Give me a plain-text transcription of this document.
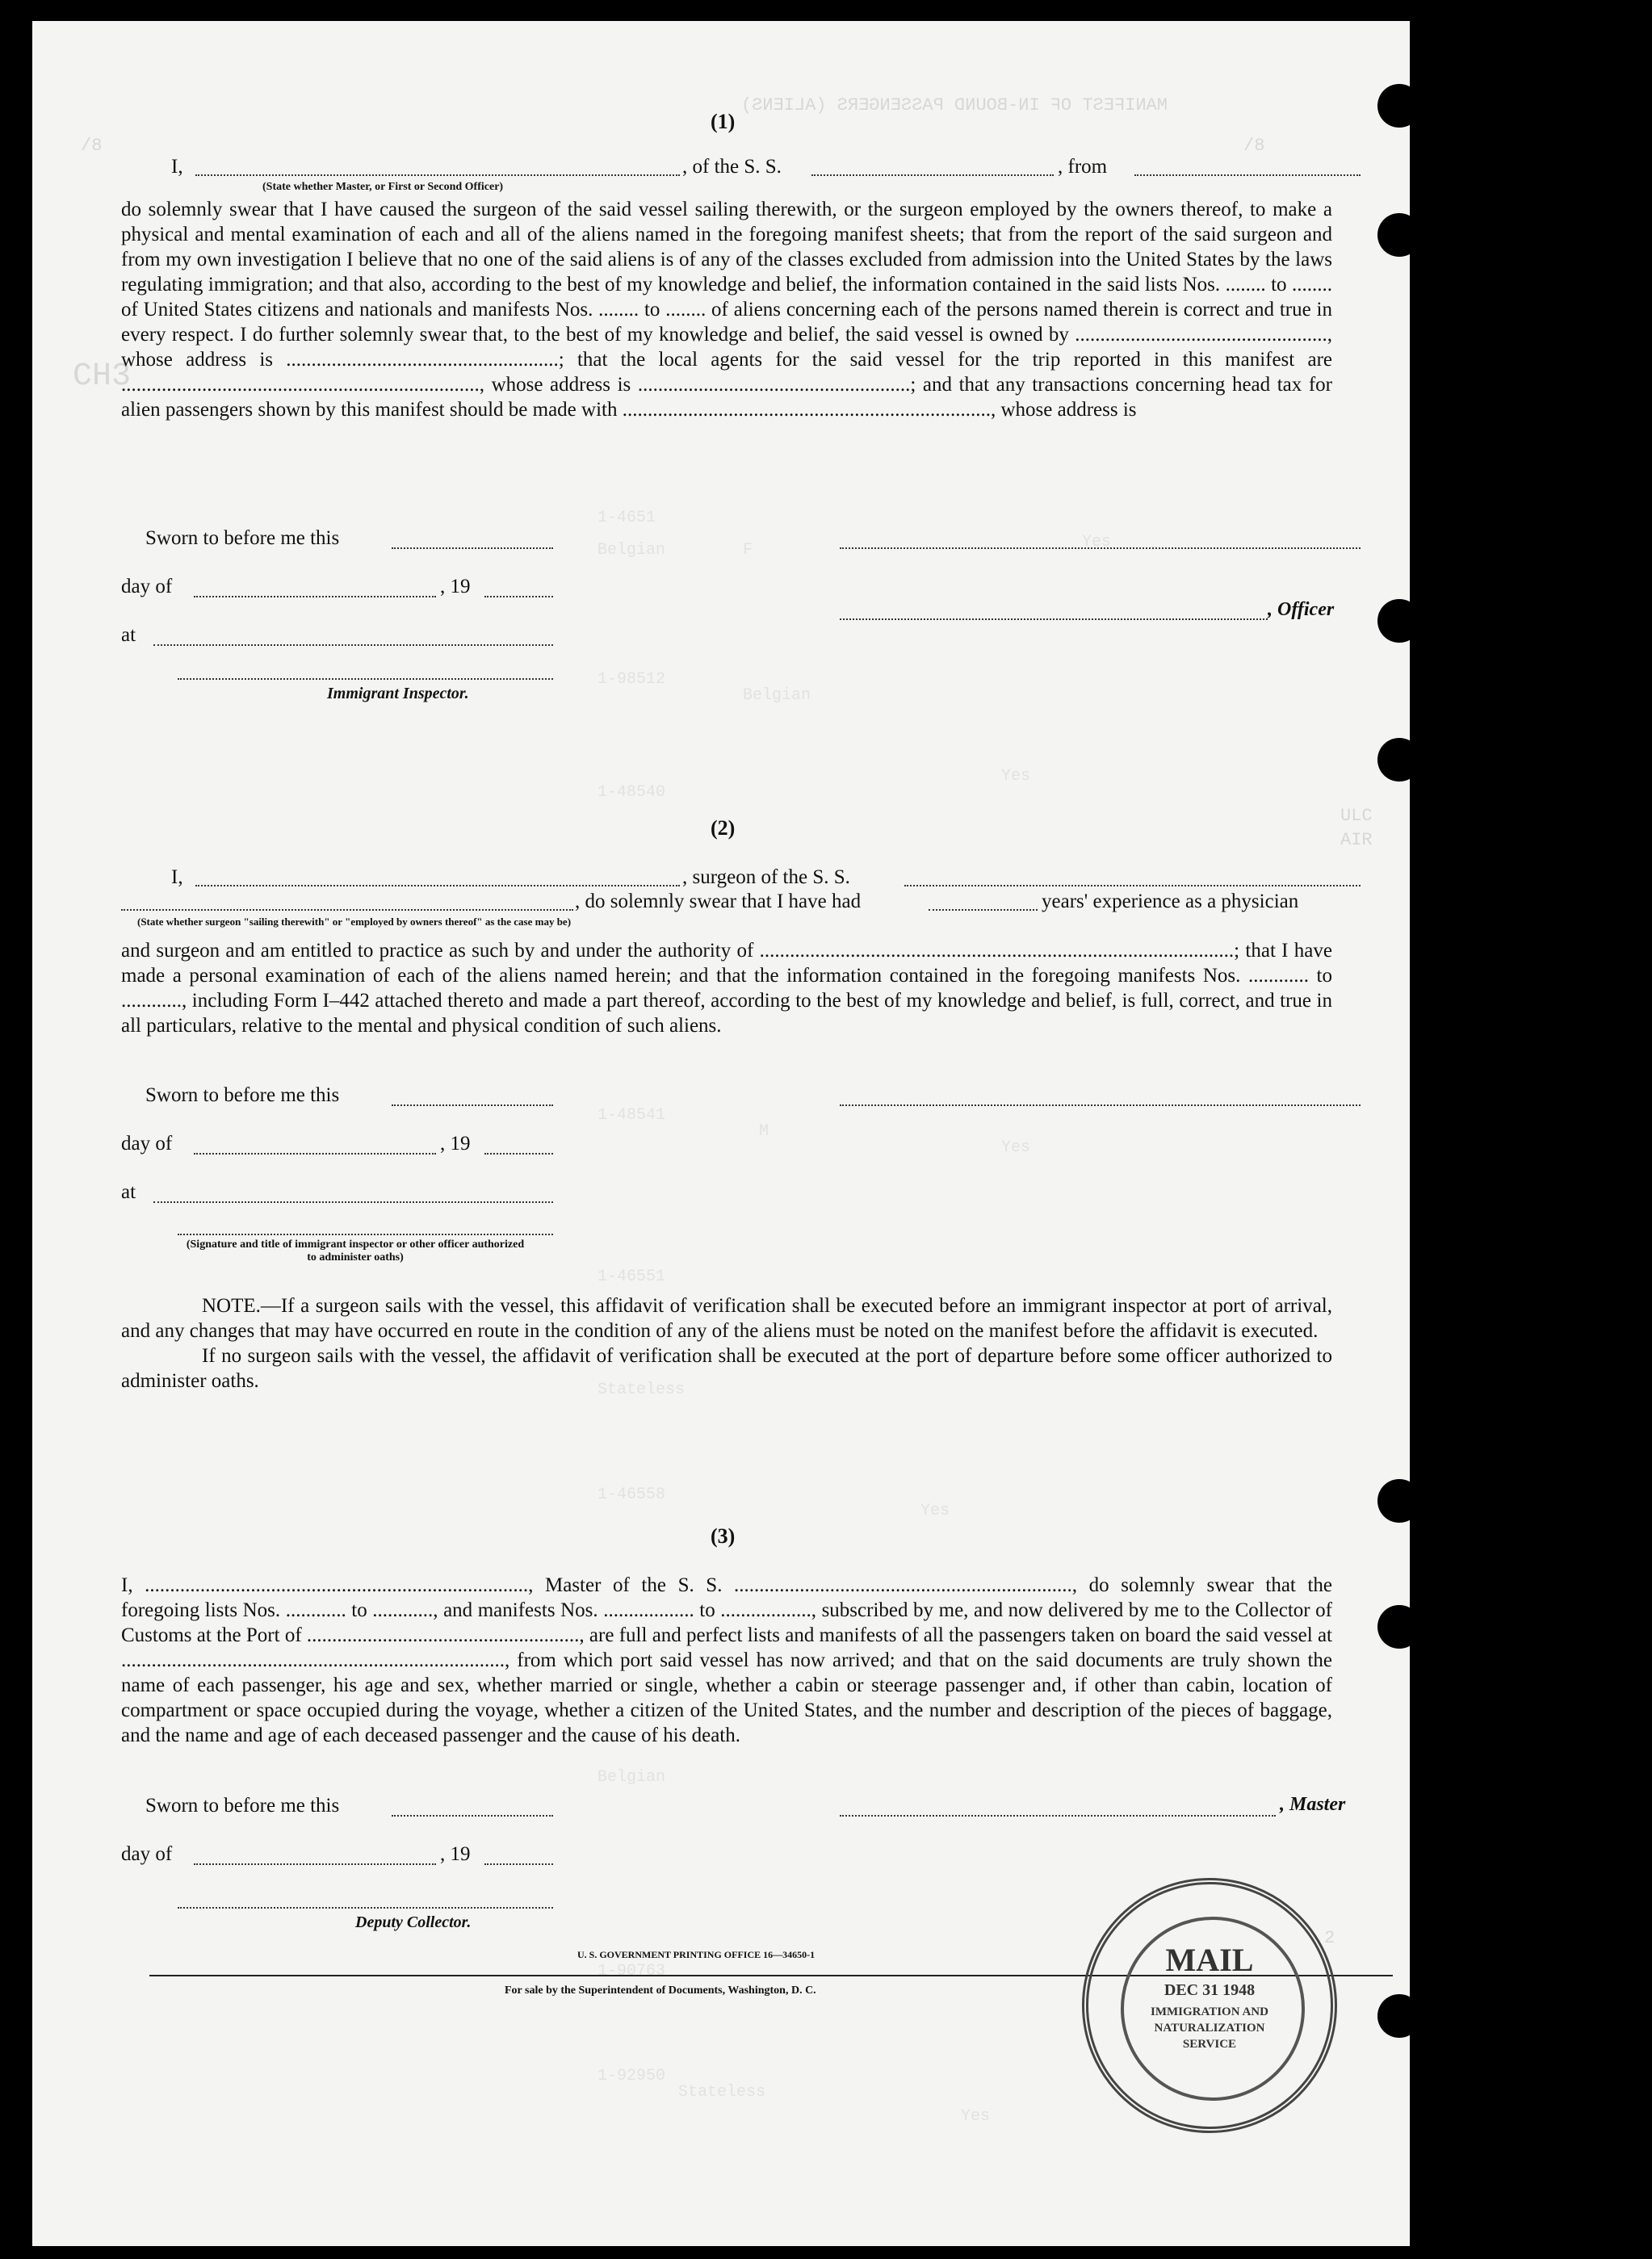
MANIFEST OF IN-BOUND PASSENGERS (ALIENS)
/8	/8
CH3
ULC
AIR
2
1-4651
Belgian	F	Yes
1-98512
Belgian
1-48540
Yes
1-48541
M
Yes
1-46551
Stateless
1-46558
Yes
Belgian
1-90763
1-92950
Stateless
Yes
(1)
I,	, of the S. S.	, from
(State whether Master, or First or Second Officer)

do solemnly swear that I have caused the surgeon of the said vessel sailing therewith, or the surgeon employed by the owners thereof, to make a physical and mental examination of each and all of the aliens named in the foregoing manifest sheets; that from the report of the said surgeon and from my own investigation I believe that no one of the said aliens is of any of the classes excluded from admission into the United States by the laws regulating immigration; and that also, according to the best of my knowledge and belief, the information contained in the said lists Nos. ........ to ........ of United States citizens and nationals and manifests Nos. ........ to ........ of aliens concerning each of the persons named therein is correct and true in every respect. I do further solemnly swear that, to the best of my knowledge and belief, the said vessel is owned by .................................................., whose address is ......................................................; that the local agents for the said vessel for the trip reported in this manifest are ......................................................................., whose address is ......................................................; and that any transactions concerning head tax for alien passengers shown by this manifest should be made with ........................................................................., whose address is

Sworn to before me this
day of	, 19
, Officer
at
Immigrant Inspector.
(2)
I,	, surgeon of the S. S.
, do solemnly swear that I have had	years' experience as a physician
(State whether surgeon "sailing therewith" or "employed by owners thereof" as the case may be)

and surgeon and am entitled to practice as such by and under the authority of ..............................................................................................; that I have made a personal examination of each of the aliens named herein; and that the information contained in the foregoing manifests Nos. ............ to ............, including Form I–442 attached thereto and made a part thereof, according to the best of my knowledge and belief, is full, correct, and true in all particulars, relative to the mental and physical condition of such aliens.

Sworn to before me this
day of	, 19
at
(Signature and title of immigrant inspector or other officer authorized to administer oaths)

NOTE.—If a surgeon sails with the vessel, this affidavit of verification shall be executed before an immigrant inspector at port of arrival, and any changes that may have occurred en route in the condition of any of the aliens must be noted on the manifest before the affidavit is executed.

If no surgeon sails with the vessel, the affidavit of verification shall be executed at the port of departure before some officer authorized to administer oaths.

(3)

I, ............................................................................, Master of the S. S. ..................................................................., do solemnly swear that the foregoing lists Nos. ............ to ............, and manifests Nos. .................. to .................., subscribed by me, and now delivered by me to the Collector of Customs at the Port of ......................................................, are full and perfect lists and manifests of all the passengers taken on board the said vessel at ............................................................................, from which port said vessel has now arrived; and that on the said documents are truly shown the name of each passenger, his age and sex, whether married or single, whether a cabin or steerage passenger and, if other than cabin, location of compartment or space occupied during the voyage, whether a citizen of the United States, and the number and description of the pieces of baggage, and the name and age of each deceased passenger and the cause of his death.

Sworn to before me this	, Master
day of	, 19
Deputy Collector.
U. S. GOVERNMENT PRINTING OFFICE 16—34650-1
For sale by the Superintendent of Documents, Washington, D. C.
MAIL
DEC 31 1948
IMMIGRATION AND
NATURALIZATION
SERVICE
